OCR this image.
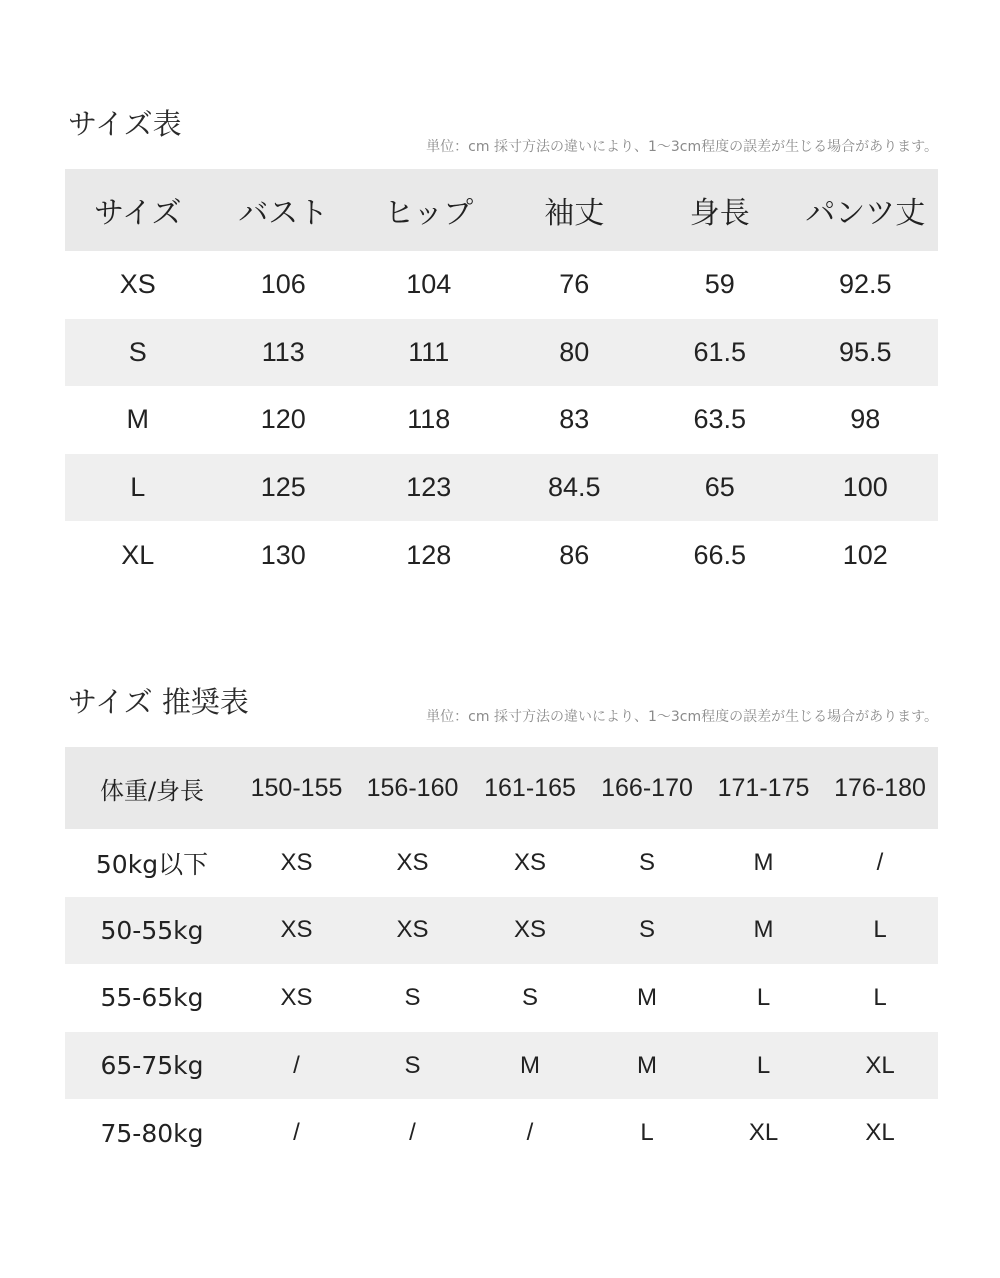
サイズ表
単位：cm 採寸方法の違いにより、1〜3cm程度の誤差が生じる場合があります。
サイズ	バスト	ヒップ	袖丈	身長	パンツ丈
XS	106	104	76	59	92.5
S	113	111	80	61.5	95.5
M	120	118	83	63.5	98
L	125	123	84.5	65	100
XL	130	128	86	66.5	102
サイズ 推奨表	単位：cm 採寸方法の違いにより、1〜3cm程度の誤差が生じる場合があります。
体重/身長	150-155	156-160	161-165	166-170	171-175	176-180
50kg以下	XS	XS	XS	S	M	/
50-55kg	XS	XS	XS	S	M	L
55-65kg	XS	S	S	M	L	L
65-75kg	/	S	M	M	L	XL
75-80kg	/	/	/	L	XL	XL
